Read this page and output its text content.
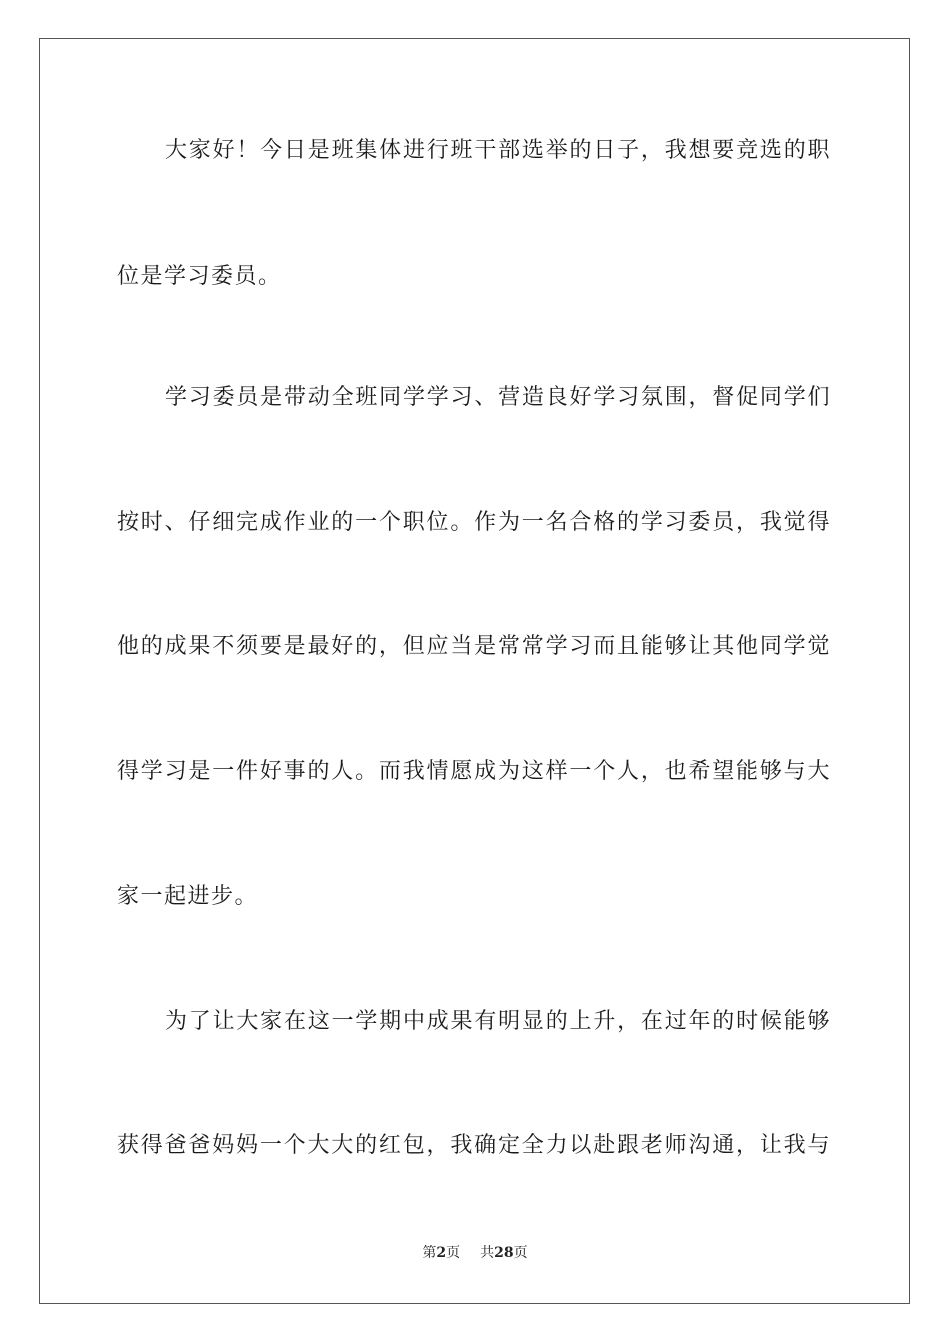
大家好！今日是班集体进行班干部选举的日子，我想要竞选的职
位是学习委员。
学习委员是带动全班同学学习、营造良好学习氛围，督促同学们
按时、仔细完成作业的一个职位。作为一名合格的学习委员，我觉得
他的成果不须要是最好的，但应当是常常学习而且能够让其他同学觉
得学习是一件好事的人。而我情愿成为这样一个人，也希望能够与大
家一起进步。
为了让大家在这一学期中成果有明显的上升，在过年的时候能够
获得爸爸妈妈一个大大的红包，我确定全力以赴跟老师沟通，让我与
第2页 共28页
